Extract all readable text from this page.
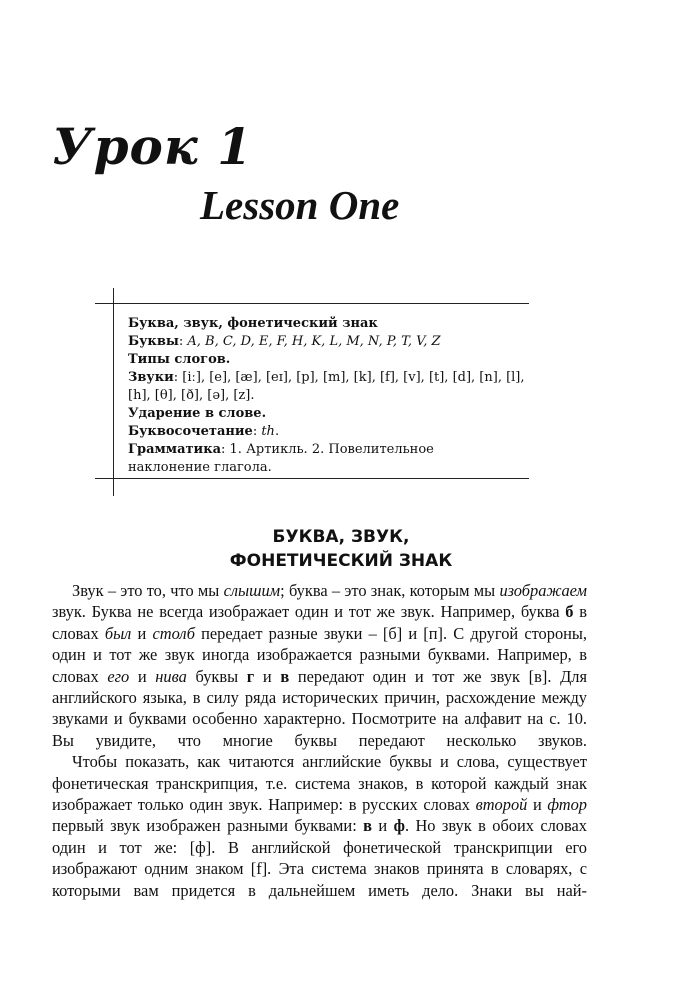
Урок 1
Lesson One
Буква, звук, фонетический знак
Буквы: A, B, C, D, E, F, H, K, L, M, N, P, T, V, Z
Типы слогов.
Звуки: [iː], [e], [æ], [eɪ], [p], [m], [k], [f], [v], [t], [d], [n], [l],
[h], [θ], [ð], [ə], [z].
Ударение в слове.
Буквосочетание: th.
Грамматика: 1. Артикль. 2. Повелительное наклонение глагола.
БУКВА, ЗВУК,
ФОНЕТИЧЕСКИЙ ЗНАК

Звук – это то, что мы слышим; буква – это знак, которым мы изображаем звук. Буква не всегда изображает один и тот же звук. Например, буква б в словах был и столб передает разные звуки – [б] и [п]. С другой стороны, один и тот же звук иногда изображается разными буквами. Например, в словах его и нива буквы г и в передают один и тот же звук [в]. Для английского языка, в силу ряда исторических причин, расхождение между звуками и буквами особенно характерно. Посмотрите на алфавит на с. 10. Вы увидите, что многие буквы передают несколько звуков.

Чтобы показать, как читаются английские буквы и слова, существует фонетическая транскрипция, т.е. система знаков, в которой каждый знак изображает только один звук. Например: в русских словах второй и фтор первый звук изображен разными буквами: в и ф. Но звук в обоих словах один и тот же: [ф]. В английской фонетической транскрипции его изображают одним знаком [f]. Эта система знаков принята в словарях, с которыми вам придется в дальнейшем иметь дело. Знаки вы най-
